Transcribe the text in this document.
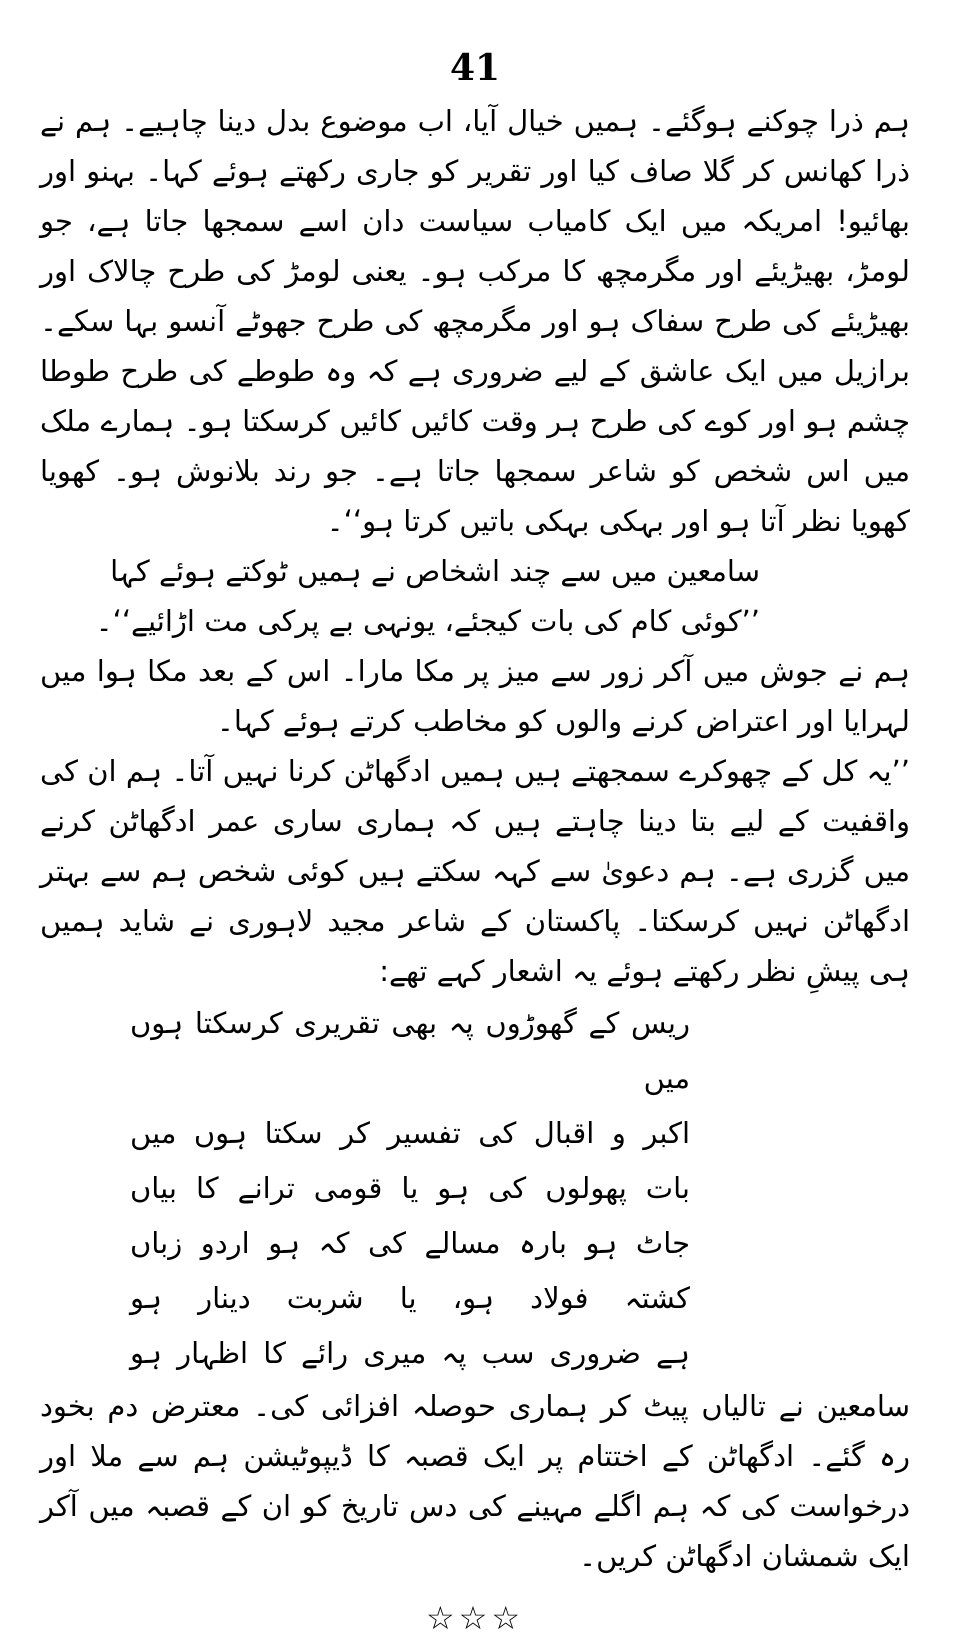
41

ہم ذرا چوکنے ہوگئے۔ ہمیں خیال آیا، اب موضوع بدل دینا چاہیے۔ ہم نے ذرا کھانس کر گلا صاف کیا اور تقریر کو جاری رکھتے ہوئے کہا۔ بہنو اور بھائیو! امریکہ میں ایک کامیاب سیاست دان اسے سمجھا جاتا ہے، جو لومڑ، بھیڑیئے اور مگرمچھ کا مرکب ہو۔ یعنی لومڑ کی طرح چالاک اور بھیڑیئے کی طرح سفاک ہو اور مگرمچھ کی طرح جھوٹے آنسو بہا سکے۔ برازیل میں ایک عاشق کے لیے ضروری ہے کہ وہ طوطے کی طرح طوطا چشم ہو اور کوے کی طرح ہر وقت کائیں کائیں کرسکتا ہو۔ ہمارے ملک میں اس شخص کو شاعر سمجھا جاتا ہے۔ جو رند بلانوش ہو۔ کھویا کھویا نظر آتا ہو اور بہکی بہکی باتیں کرتا ہو‘‘۔

سامعین میں سے چند اشخاص نے ہمیں ٹوکتے ہوئے کہا

’’کوئی کام کی بات کیجئے، یونہی بے پرکی مت اڑائیے‘‘۔

ہم نے جوش میں آکر زور سے میز پر مکا مارا۔ اس کے بعد مکا ہوا میں لہرایا اور اعتراض کرنے والوں کو مخاطب کرتے ہوئے کہا۔

’’یہ کل کے چھوکرے سمجھتے ہیں ہمیں ادگھاٹن کرنا نہیں آتا۔ ہم ان کی واقفیت کے لیے بتا دینا چاہتے ہیں کہ ہماری ساری عمر ادگھاٹن کرنے میں گزری ہے۔ ہم دعویٰ سے کہہ سکتے ہیں کوئی شخص ہم سے بہتر ادگھاٹن نہیں کرسکتا۔ پاکستان کے شاعر مجید لاہوری نے شاید ہمیں ہی پیشِ نظر رکھتے ہوئے یہ اشعار کہے تھے:

ریس کے گھوڑوں پہ بھی تقریری کرسکتا ہوں میں

اکبر و اقبال کی تفسیر کر سکتا ہوں میں

بات پھولوں کی ہو یا قومی ترانے کا بیاں

جاٹ ہو بارہ مسالے کی کہ ہو اردو زباں

کشتہ فولاد ہو، یا شربت دینار ہو

ہے ضروری سب پہ میری رائے کا اظہار ہو

سامعین نے تالیاں پیٹ کر ہماری حوصلہ افزائی کی۔ معترض دم بخود رہ گئے۔ ادگھاٹن کے اختتام پر ایک قصبہ کا ڈیپوٹیشن ہم سے ملا اور درخواست کی کہ ہم اگلے مہینے کی دس تاریخ کو ان کے قصبہ میں آکر ایک شمشان ادگھاٹن کریں۔

☆☆☆
